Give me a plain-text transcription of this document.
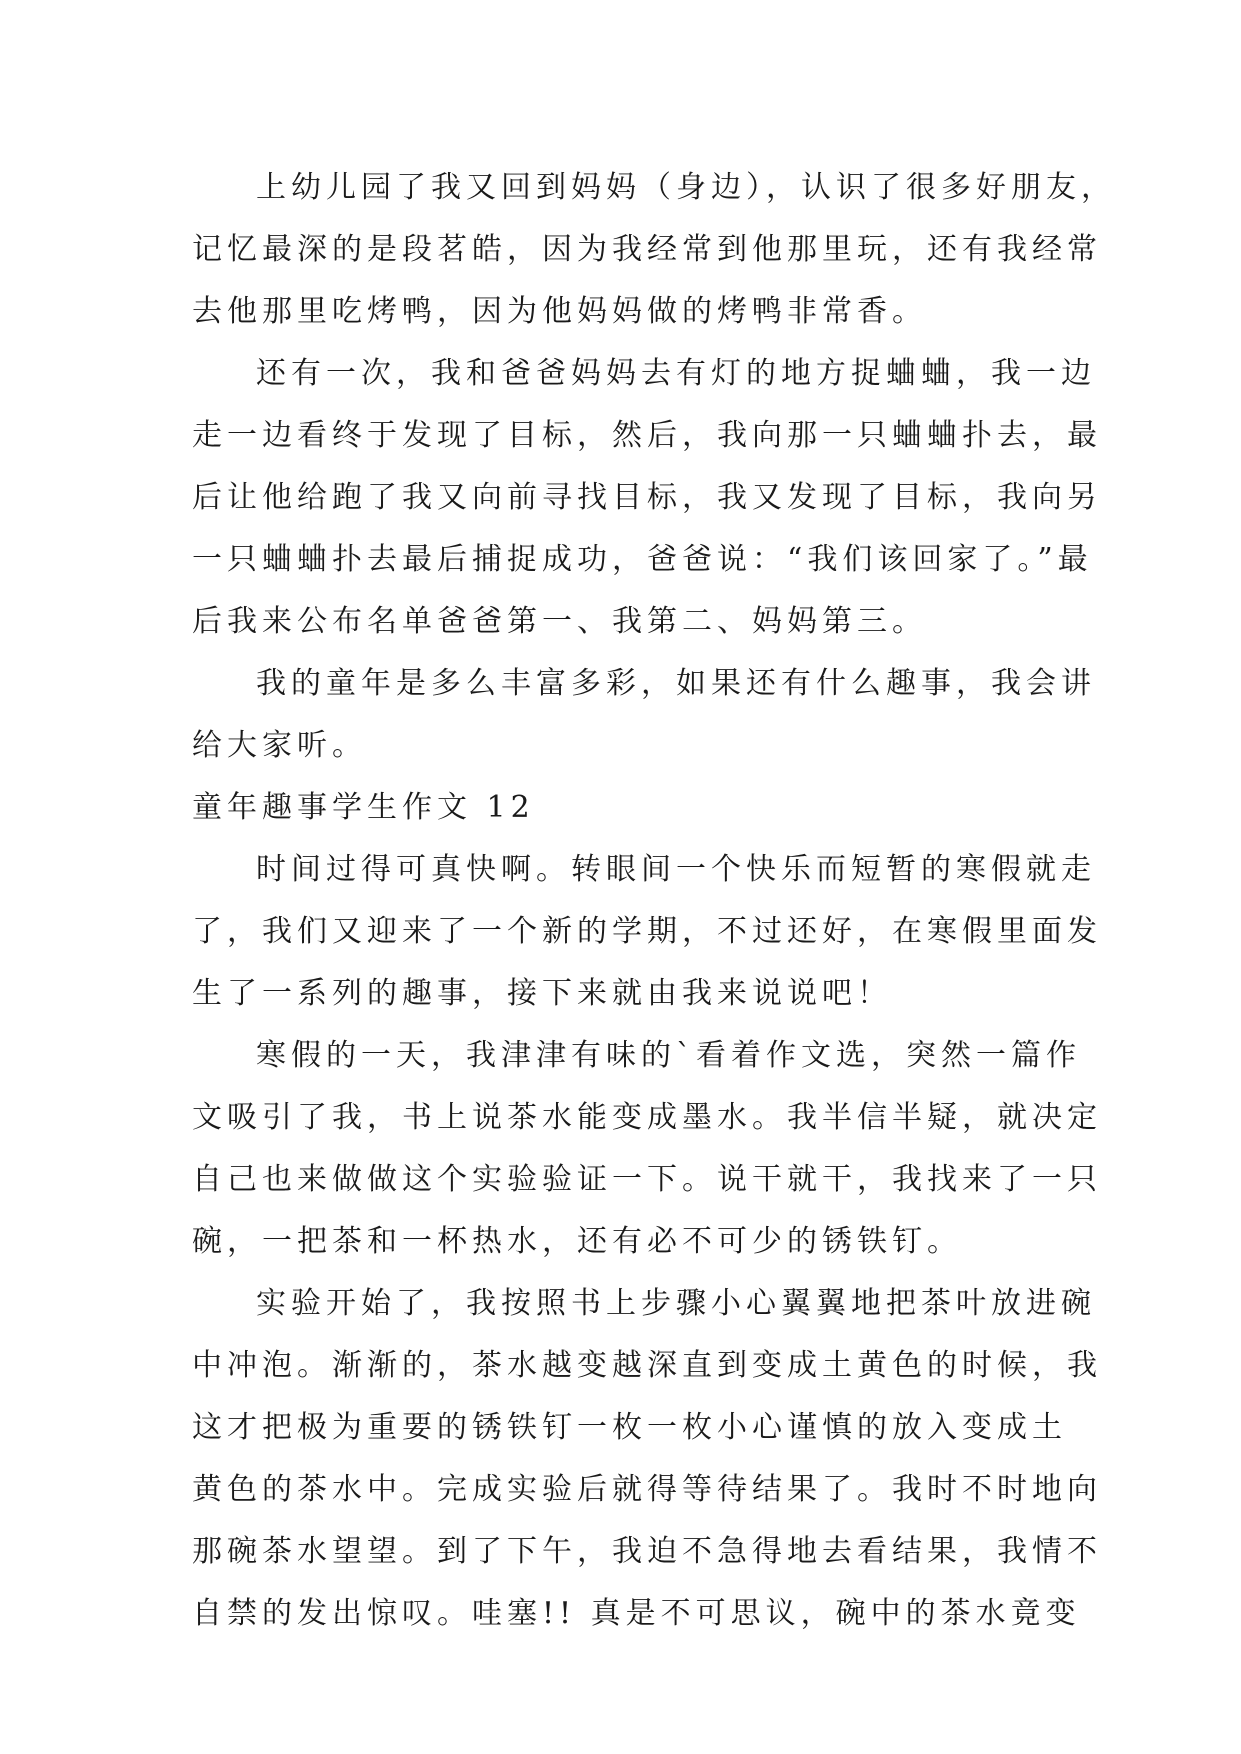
上幼儿园了我又回到妈妈（身边），认识了很多好朋友，
记忆最深的是段茗皓，因为我经常到他那里玩，还有我经常
去他那里吃烤鸭，因为他妈妈做的烤鸭非常香。
还有一次，我和爸爸妈妈去有灯的地方捉蛐蛐，我一边
走一边看终于发现了目标，然后，我向那一只蛐蛐扑去，最
后让他给跑了我又向前寻找目标，我又发现了目标，我向另
一只蛐蛐扑去最后捕捉成功，爸爸说：“我们该回家了。”最
后我来公布名单爸爸第一、我第二、妈妈第三。
我的童年是多么丰富多彩，如果还有什么趣事，我会讲
给大家听。
童年趣事学生作文 12
时间过得可真快啊。转眼间一个快乐而短暂的寒假就走
了，我们又迎来了一个新的学期，不过还好，在寒假里面发
生了一系列的趣事，接下来就由我来说说吧！
寒假的一天，我津津有味的`看着作文选，突然一篇作
文吸引了我，书上说茶水能变成墨水。我半信半疑，就决定
自己也来做做这个实验验证一下。说干就干，我找来了一只
碗，一把茶和一杯热水，还有必不可少的锈铁钉。
实验开始了，我按照书上步骤小心翼翼地把茶叶放进碗
中冲泡。渐渐的，茶水越变越深直到变成土黄色的时候，我
这才把极为重要的锈铁钉一枚一枚小心谨慎的放入变成土
黄色的茶水中。完成实验后就得等待结果了。我时不时地向
那碗茶水望望。到了下午，我迫不急得地去看结果，我情不
自禁的发出惊叹。哇塞!! 真是不可思议，碗中的茶水竟变
